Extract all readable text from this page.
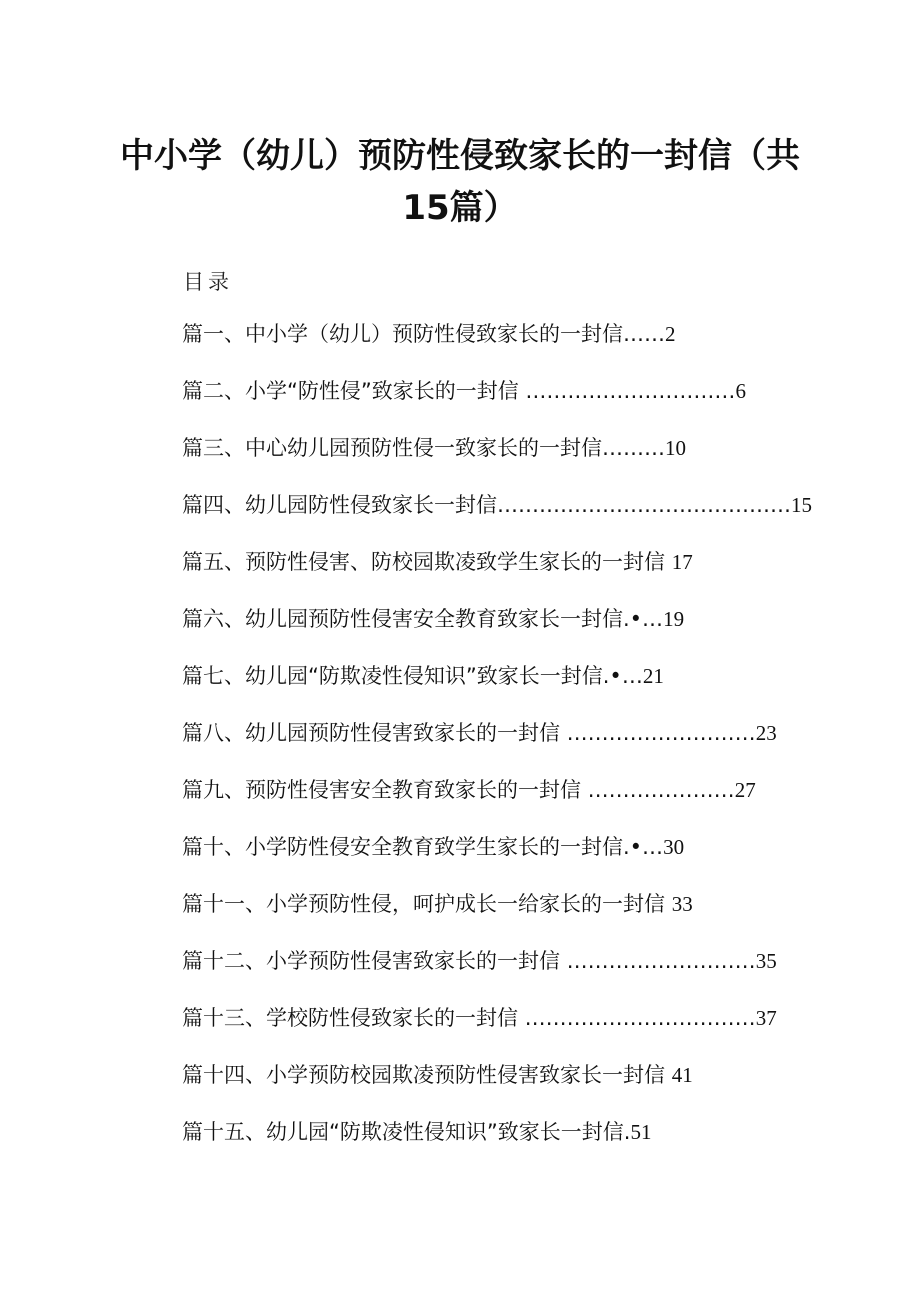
中小学（幼儿）预防性侵致家长的一封信（共
15篇）
目录
篇一、中小学（幼儿）预防性侵致家长的一封信……2
篇二、小学“防性侵”致家长的一封信 …………………………6
篇三、中心幼儿园预防性侵一致家长的一封信………10
篇四、幼儿园防性侵致家长一封信……………………………………15
篇五、预防性侵害、防校园欺凌致学生家长的一封信 17
篇六、幼儿园预防性侵害安全教育致家长一封信.•…19
篇七、幼儿园“防欺凌性侵知识”致家长一封信.•…21
篇八、幼儿园预防性侵害致家长的一封信 ………………………23
篇九、预防性侵害安全教育致家长的一封信 …………………27
篇十、小学防性侵安全教育致学生家长的一封信.•…30
篇十一、小学预防性侵，呵护成长一给家长的一封信 33
篇十二、小学预防性侵害致家长的一封信 ………………………35
篇十三、学校防性侵致家长的一封信 ……………………………37
篇十四、小学预防校园欺凌预防性侵害致家长一封信 41
篇十五、幼儿园“防欺凌性侵知识”致家长一封信.51
